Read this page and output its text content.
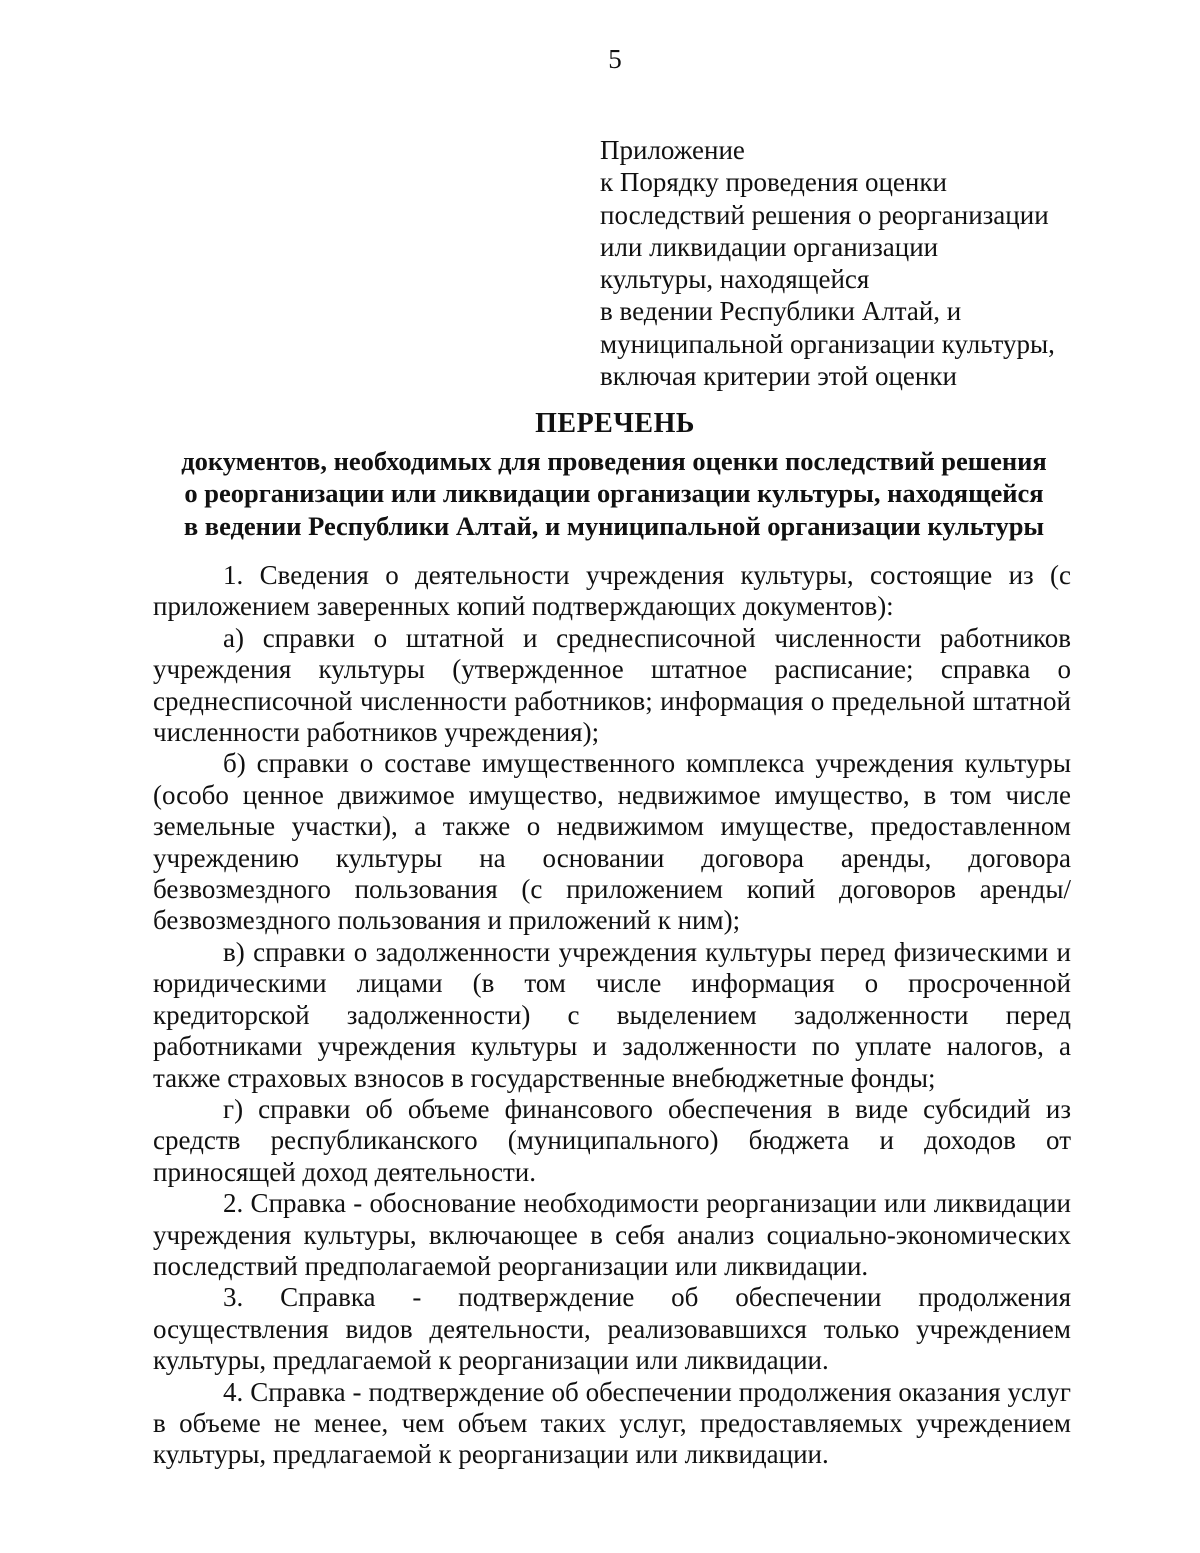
5
Приложение
к Порядку проведения оценки
последствий решения о реорганизации
или ликвидации организации
культуры, находящейся
в ведении Республики Алтай, и
муниципальной организации культуры,
включая критерии этой оценки
ПЕРЕЧЕНЬ
документов, необходимых для проведения оценки последствий решения
о реорганизации или ликвидации организации культуры, находящейся
в ведении Республики Алтай, и муниципальной организации культуры

1. Сведения о деятельности учреждения культуры, состоящие из (с приложением заверенных копий подтверждающих документов):

а) справки о штатной и среднесписочной численности работников учреждения культуры (утвержденное штатное расписание; справка о среднесписочной численности работников; информация о предельной штатной численности работников учреждения);

б) справки о составе имущественного комплекса учреждения культуры (особо ценное движимое имущество, недвижимое имущество, в том числе земельные участки), а также о недвижимом имуществе, предоставленном учреждению культуры на основании договора аренды, договора безвозмездного пользования (с приложением копий договоров аренды/безвозмездного пользования и приложений к ним);

в) справки о задолженности учреждения культуры перед физическими и юридическими лицами (в том числе информация о просроченной кредиторской задолженности) с выделением задолженности перед работниками учреждения культуры и задолженности по уплате налогов, а также страховых взносов в государственные внебюджетные фонды;

г) справки об объеме финансового обеспечения в виде субсидий из средств республиканского (муниципального) бюджета и доходов от приносящей доход деятельности.

2. Справка - обоснование необходимости реорганизации или ликвидации учреждения культуры, включающее в себя анализ социально-экономических последствий предполагаемой реорганизации или ликвидации.

3. Справка - подтверждение об обеспечении продолжения осуществления видов деятельности, реализовавшихся только учреждением культуры, предлагаемой к реорганизации или ликвидации.

4. Справка - подтверждение об обеспечении продолжения оказания услуг в объеме не менее, чем объем таких услуг, предоставляемых учреждением культуры, предлагаемой к реорганизации или ликвидации.
